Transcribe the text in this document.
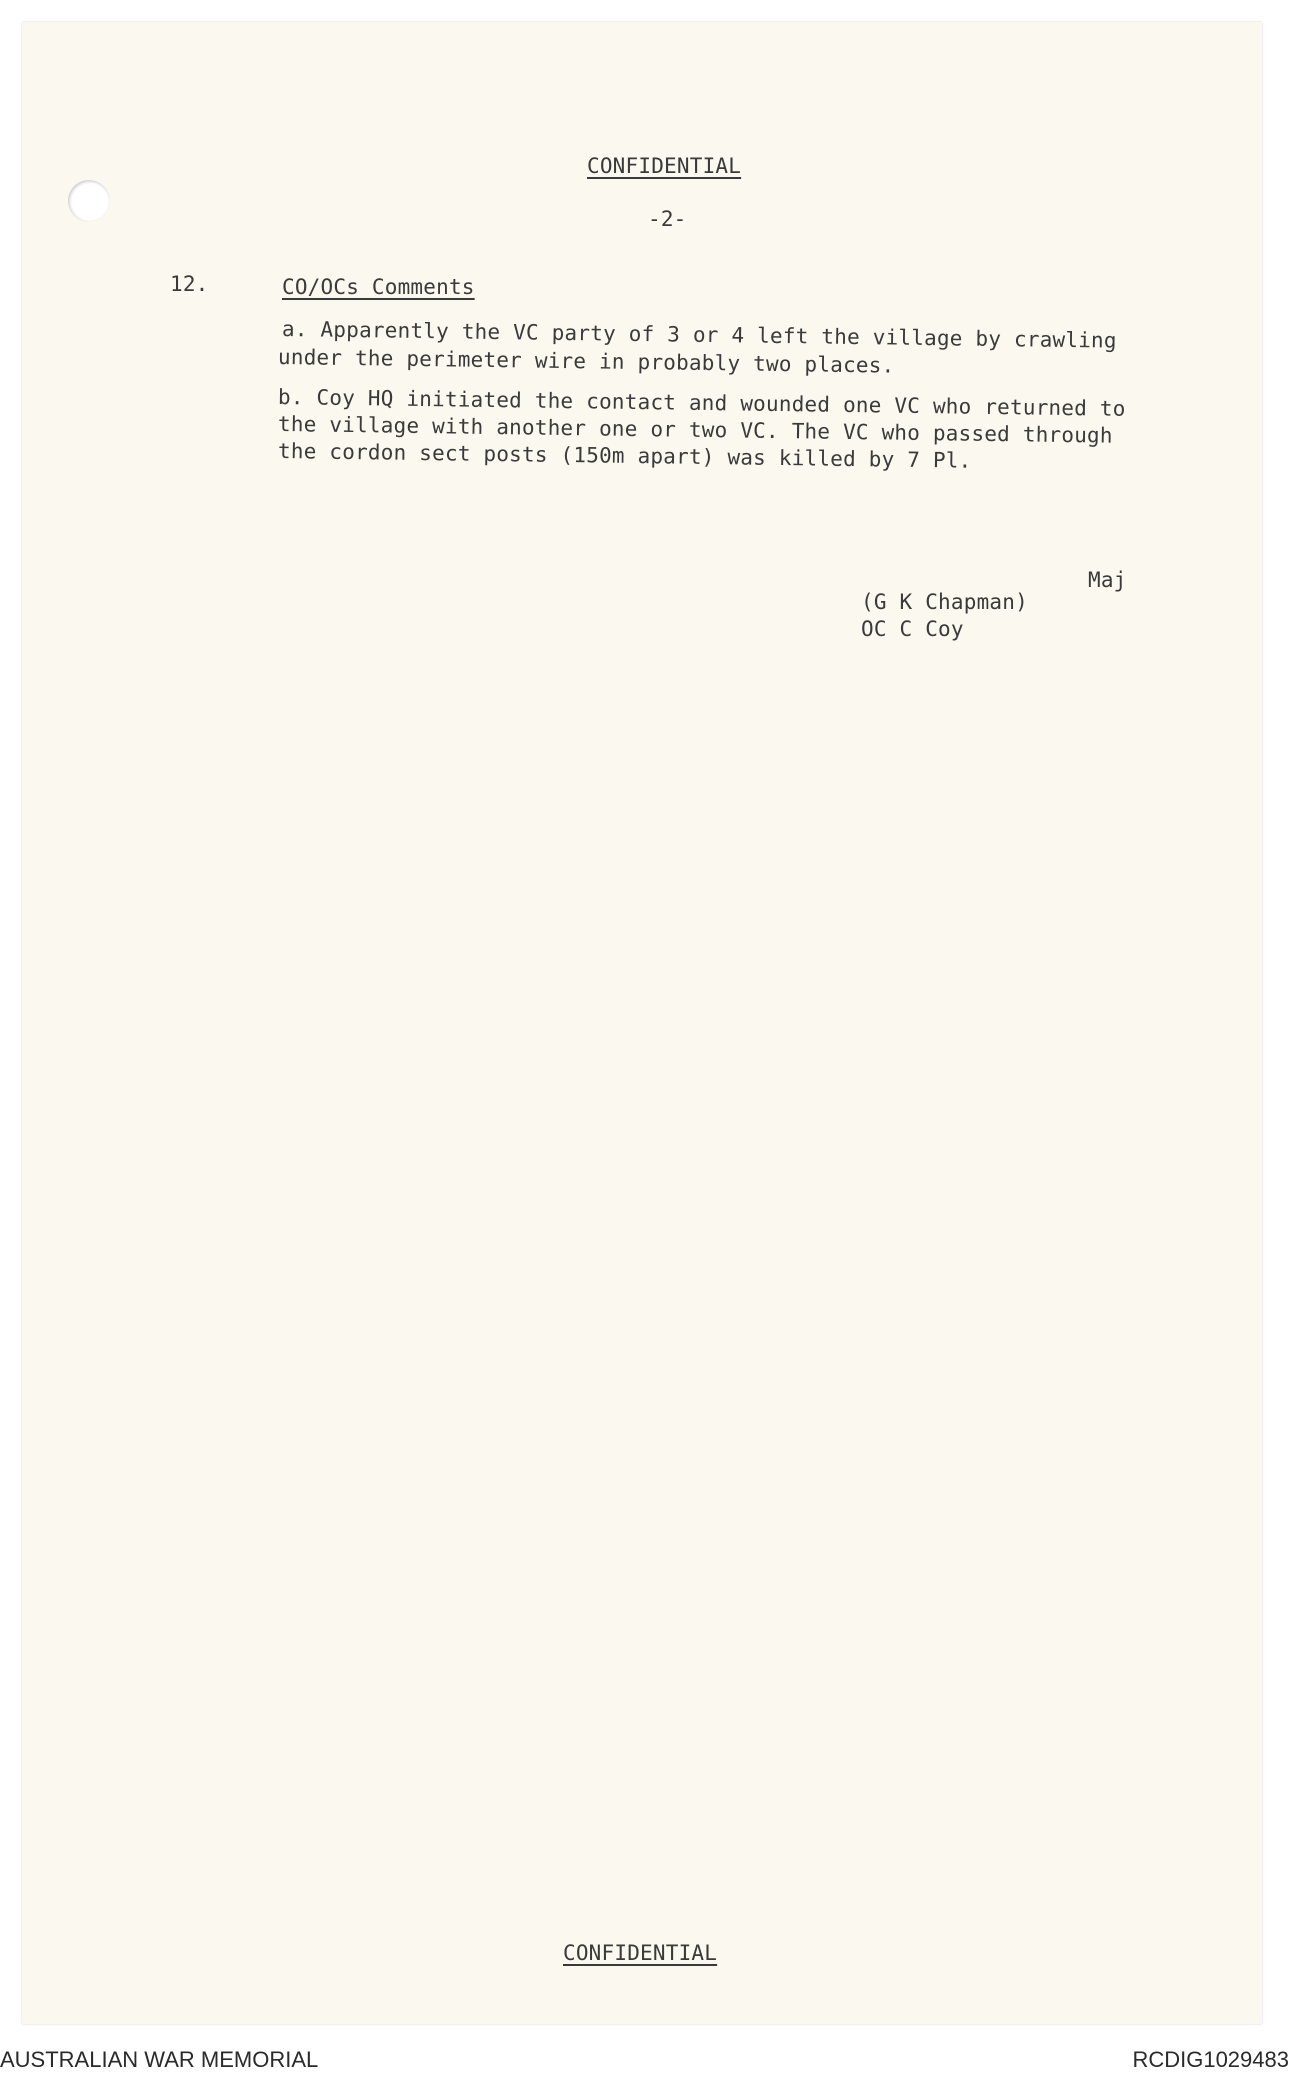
CONFIDENTIAL
-2-
12.	CO/OCs Comments
a. Apparently the VC party of 3 or 4 left the village by crawling
under the perimeter wire in probably two places.
b. Coy HQ initiated the contact and wounded one VC who returned to
the village with another one or two VC. The VC who passed through
the cordon sect posts (150m apart) was killed by 7 Pl.
Maj
(G K Chapman)
OC C Coy
CONFIDENTIAL
AUSTRALIAN WAR MEMORIAL	RCDIG1029483
